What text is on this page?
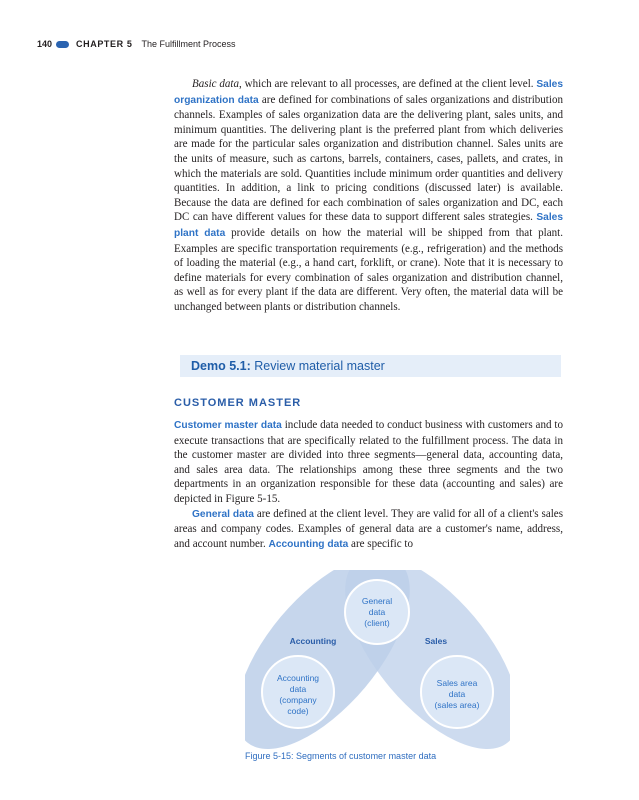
140	CHAPTER 5 The Fulfillment Process

Basic data, which are relevant to all processes, are defined at the client level. Sales organization data are defined for combinations of sales organizations and distribution channels. Examples of sales organization data are the delivering plant, sales units, and minimum quantities. The delivering plant is the preferred plant from which deliveries are made for the particular sales organization and distribution channel. Sales units are the units of measure, such as cartons, barrels, containers, cases, pallets, and crates, in which the materials are sold. Quantities include minimum order quantities and delivery quantities. In addition, a link to pricing conditions (discussed later) is available. Because the data are defined for each combination of sales organization and DC, each DC can have different values for these data to support different sales strategies. Sales plant data provide details on how the material will be shipped from that plant. Examples are specific transportation requirements (e.g., refrigeration) and the methods of loading the material (e.g., a hand cart, forklift, or crane). Note that it is necessary to define materials for every combination of sales organization and distribution channel, as well as for every plant if the data are different. Very often, the material data will be unchanged between plants or distribution channels.

Demo 5.1: Review material master
CUSTOMER MASTER

Customer master data include data needed to conduct business with customers and to execute transactions that are specifically related to the fulfillment process. The data in the customer master are divided into three segments—general data, accounting data, and sales area data. The relationships among these three segments and the two departments in an organization responsible for these data (accounting and sales) are depicted in Figure 5-15.

General data are defined at the client level. They are valid for all of a client's sales areas and company codes. Examples of general data are a customer's name, address, and account number. Accounting data are specific to

General
data
(client)
Accounting
data
(company
code)
Sales area
data
(sales area)
Accounting	Sales
Figure 5-15: Segments of customer master data
